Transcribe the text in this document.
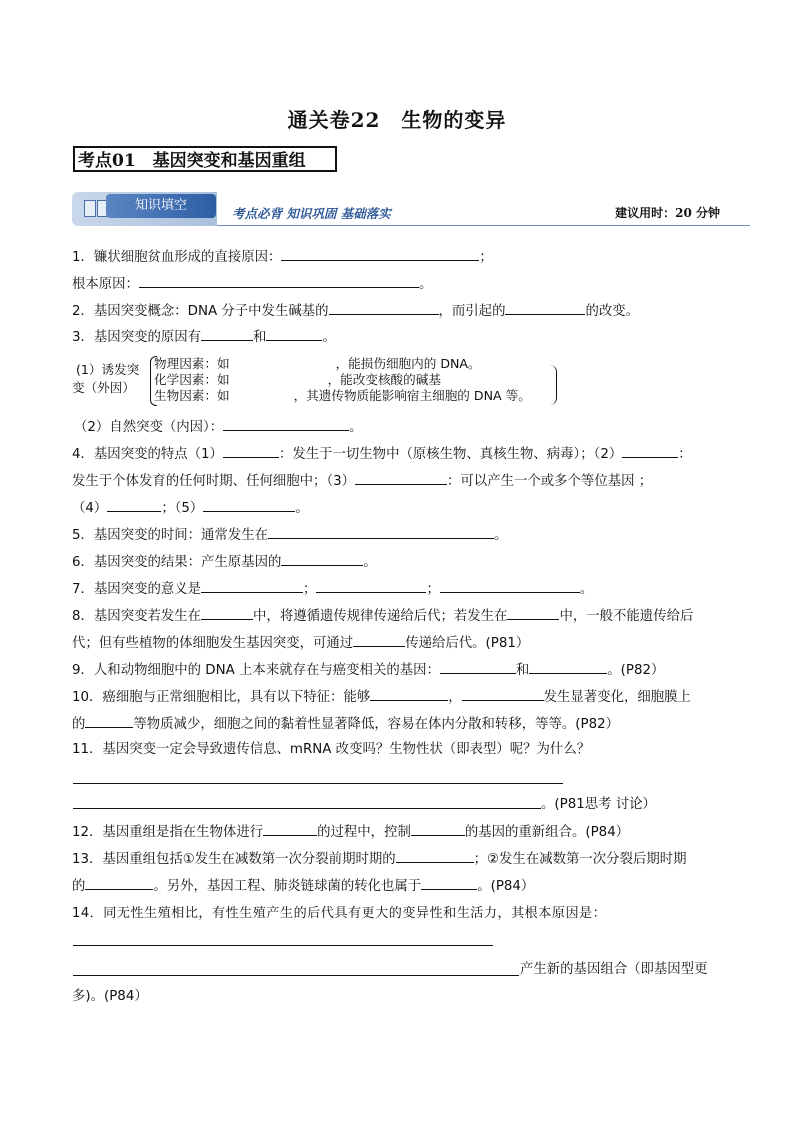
通关卷22　生物的变异
考点01　基因突变和基因重组
知识填空
考点必背 知识巩固 基础落实	建议用时：20 分钟
1．镰状细胞贫血形成的直接原因：	；
根本原因：	。
2．基因突变概念：DNA 分子中发生碱基的	，而引起的	的改变。
3．基因突变的原因有	和	。
(1）诱发突
变（外因）
物理因素：如	，能损伤细胞内的 DNA。
化学因素：如	，能改变核酸的碱基
生物因素：如	，其遗传物质能影响宿主细胞的 DNA 等。
（2）自然突变（内因）：	。
4．基因突变的特点（1）	：发生于一切生物中（原核生物、真核生物、病毒）；（2）	：
发生于个体发育的任何时期、任何细胞中；（3）	：可以产生一个或多个等位基因 ；
（4）	；（5）	。
5．基因突变的时间：通常发生在	。
6．基因突变的结果：产生原基因的	。
7．基因突变的意义是	；	；	。
8．基因突变若发生在	中，将遵循遗传规律传递给后代；若发生在	中，一般不能遗传给后
代；但有些植物的体细胞发生基因突变，可通过	传递给后代。(P81）
9．人和动物细胞中的 DNA 上本来就存在与癌变相关的基因：	和	。(P82）
10．癌细胞与正常细胞相比，具有以下特征：能够	，	发生显著变化，细胞膜上
的	等物质减少，细胞之间的黏着性显著降低，容易在体内分散和转移，等等。(P82）
11．基因突变一定会导致遗传信息、mRNA 改变吗？生物性状（即表型）呢？为什么？
。(P81思考 讨论）
12．基因重组是指在生物体进行	的过程中，控制	的基因的重新组合。(P84）
13．基因重组包括①发生在减数第一次分裂前期时期的	；②发生在减数第一次分裂后期时期
的	。另外，基因工程、肺炎链球菌的转化也属于	。(P84）
14．同无性生殖相比，有性生殖产生的后代具有更大的变异性和生活力，其根本原因是：
产生新的基因组合（即基因型更
多)。(P84）
